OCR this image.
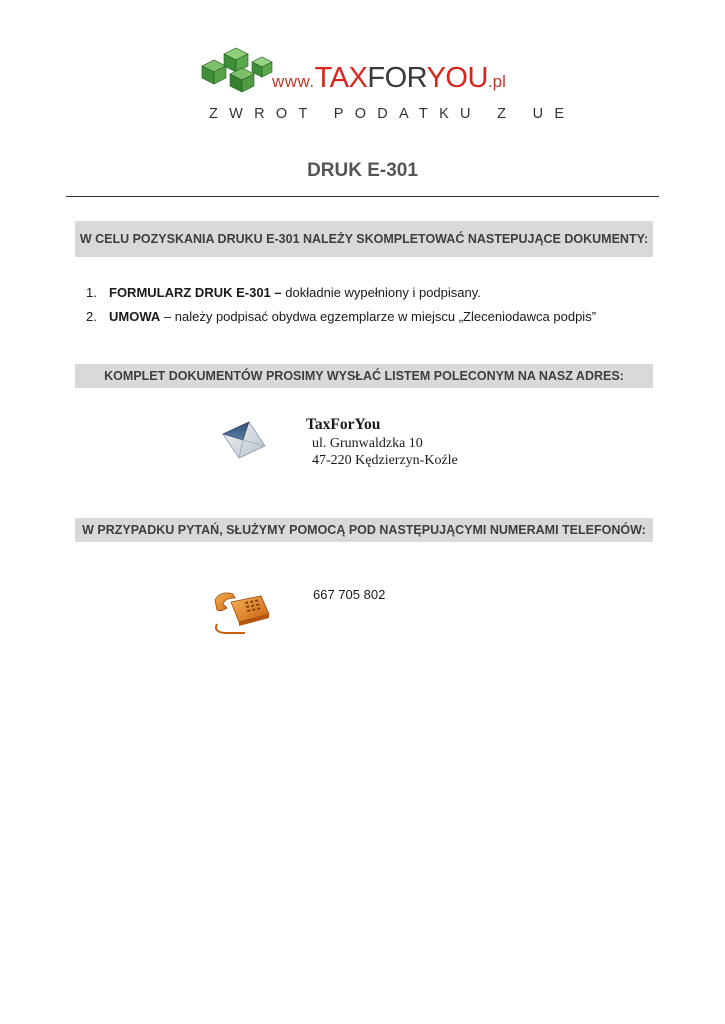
www.TAXFORYOU.pl
ZWROT PODATKU Z UE
DRUK E-301
W CELU POZYSKANIA DRUKU E-301 NALEŻY SKOMPLETOWAĆ NASTEPUJĄCE DOKUMENTY:
1. FORMULARZ DRUK E-301 – dokładnie wypełniony i podpisany.
2. UMOWA – należy podpisać obydwa egzemplarze w miejscu „Zleceniodawca podpis”
KOMPLET DOKUMENTÓW PROSIMY WYSŁAĆ LISTEM POLECONYM NA NASZ ADRES:
TaxForYou
ul. Grunwaldzka 10
47-220 Kędzierzyn-Koźle
W PRZYPADKU PYTAŃ, SŁUŻYMY POMOCĄ POD NASTĘPUJĄCYMI NUMERAMI TELEFONÓW:
667 705 802
